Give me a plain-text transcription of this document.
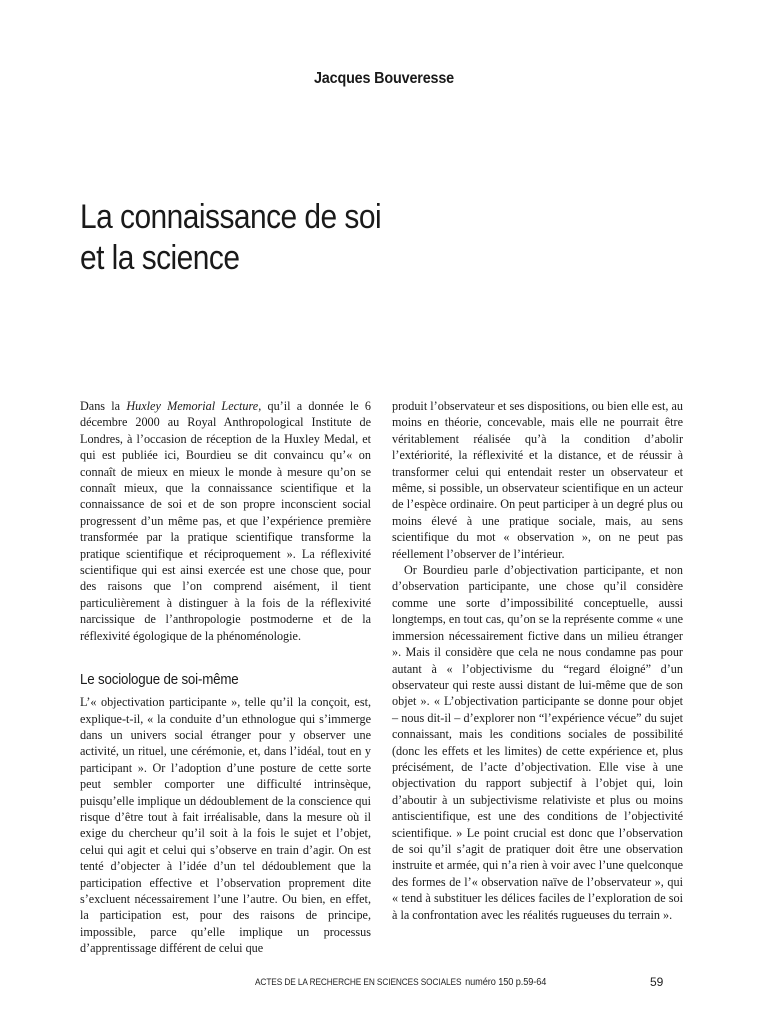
Jacques Bouveresse
La connaissance de soi
et la science

Dans la Huxley Memorial Lecture, qu’il a donnée le 6 décembre 2000 au Royal Anthropological Institute de Londres, à l’occasion de réception de la Huxley Medal, et qui est publiée ici, Bourdieu se dit convaincu qu’« on connaît de mieux en mieux le monde à mesure qu’on se connaît mieux, que la connaissance scientifique et la connaissance de soi et de son propre inconscient social progressent d’un même pas, et que l’expérience première transformée par la pratique scientifique transforme la pratique scientifique et réciproquement ». La réflexivité scientifique qui est ainsi exercée est une chose que, pour des raisons que l’on comprend aisément, il tient particulièrement à distinguer à la fois de la réflexivité narcissique de l’anthropologie postmoderne et de la réflexivité égologique de la phénoménologie.

Le sociologue de soi-même

L’« objectivation participante », telle qu’il la conçoit, est, explique-t-il, « la conduite d’un ethnologue qui s’immerge dans un univers social étranger pour y observer une activité, un rituel, une cérémonie, et, dans l’idéal, tout en y participant ». Or l’adoption d’une posture de cette sorte peut sembler comporter une difficulté intrinsèque, puisqu’elle implique un dédoublement de la conscience qui risque d’être tout à fait irréalisable, dans la mesure où il exige du chercheur qu’il soit à la fois le sujet et l’objet, celui qui agit et celui qui s’observe en train d’agir. On est tenté d’objecter à l’idée d’un tel dédoublement que la participation effective et l’observation proprement dite s’excluent nécessairement l’une l’autre. Ou bien, en effet, la participation est, pour des raisons de principe, impossible, parce qu’elle implique un processus d’apprentissage différent de celui que

produit l’observateur et ses dispositions, ou bien elle est, au moins en théorie, concevable, mais elle ne pourrait être véritablement réalisée qu’à la condition d’abolir l’extériorité, la réflexivité et la distance, et de réussir à transformer celui qui entendait rester un observateur et même, si possible, un observateur scientifique en un acteur de l’espèce ordinaire. On peut participer à un degré plus ou moins élevé à une pratique sociale, mais, au sens scientifique du mot « observation », on ne peut pas réellement l’observer de l’intérieur.

Or Bourdieu parle d’objectivation participante, et non d’observation participante, une chose qu’il considère comme une sorte d’impossibilité conceptuelle, aussi longtemps, en tout cas, qu’on se la représente comme « une immersion nécessairement fictive dans un milieu étranger ». Mais il considère que cela ne nous condamne pas pour autant à « l’objectivisme du “regard éloigné” d’un observateur qui reste aussi distant de lui-même que de son objet ». « L’objectivation participante se donne pour objet – nous dit-il – d’explorer non “l’expérience vécue” du sujet connaissant, mais les conditions sociales de possibilité (donc les effets et les limites) de cette expérience et, plus précisément, de l’acte d’objectivation. Elle vise à une objectivation du rapport subjectif à l’objet qui, loin d’aboutir à un subjectivisme relativiste et plus ou moins antiscientifique, est une des conditions de l’objectivité scientifique. » Le point crucial est donc que l’observation de soi qu’il s’agit de pratiquer doit être une observation instruite et armée, qui n’a rien à voir avec l’une quelconque des formes de l’« observation naïve de l’observateur », qui « tend à substituer les délices faciles de l’exploration de soi à la confrontation avec les réalités rugueuses du terrain ».

ACTES DE LA RECHERCHE EN SCIENCES SOCIALES numéro 150 p.59-64	59
